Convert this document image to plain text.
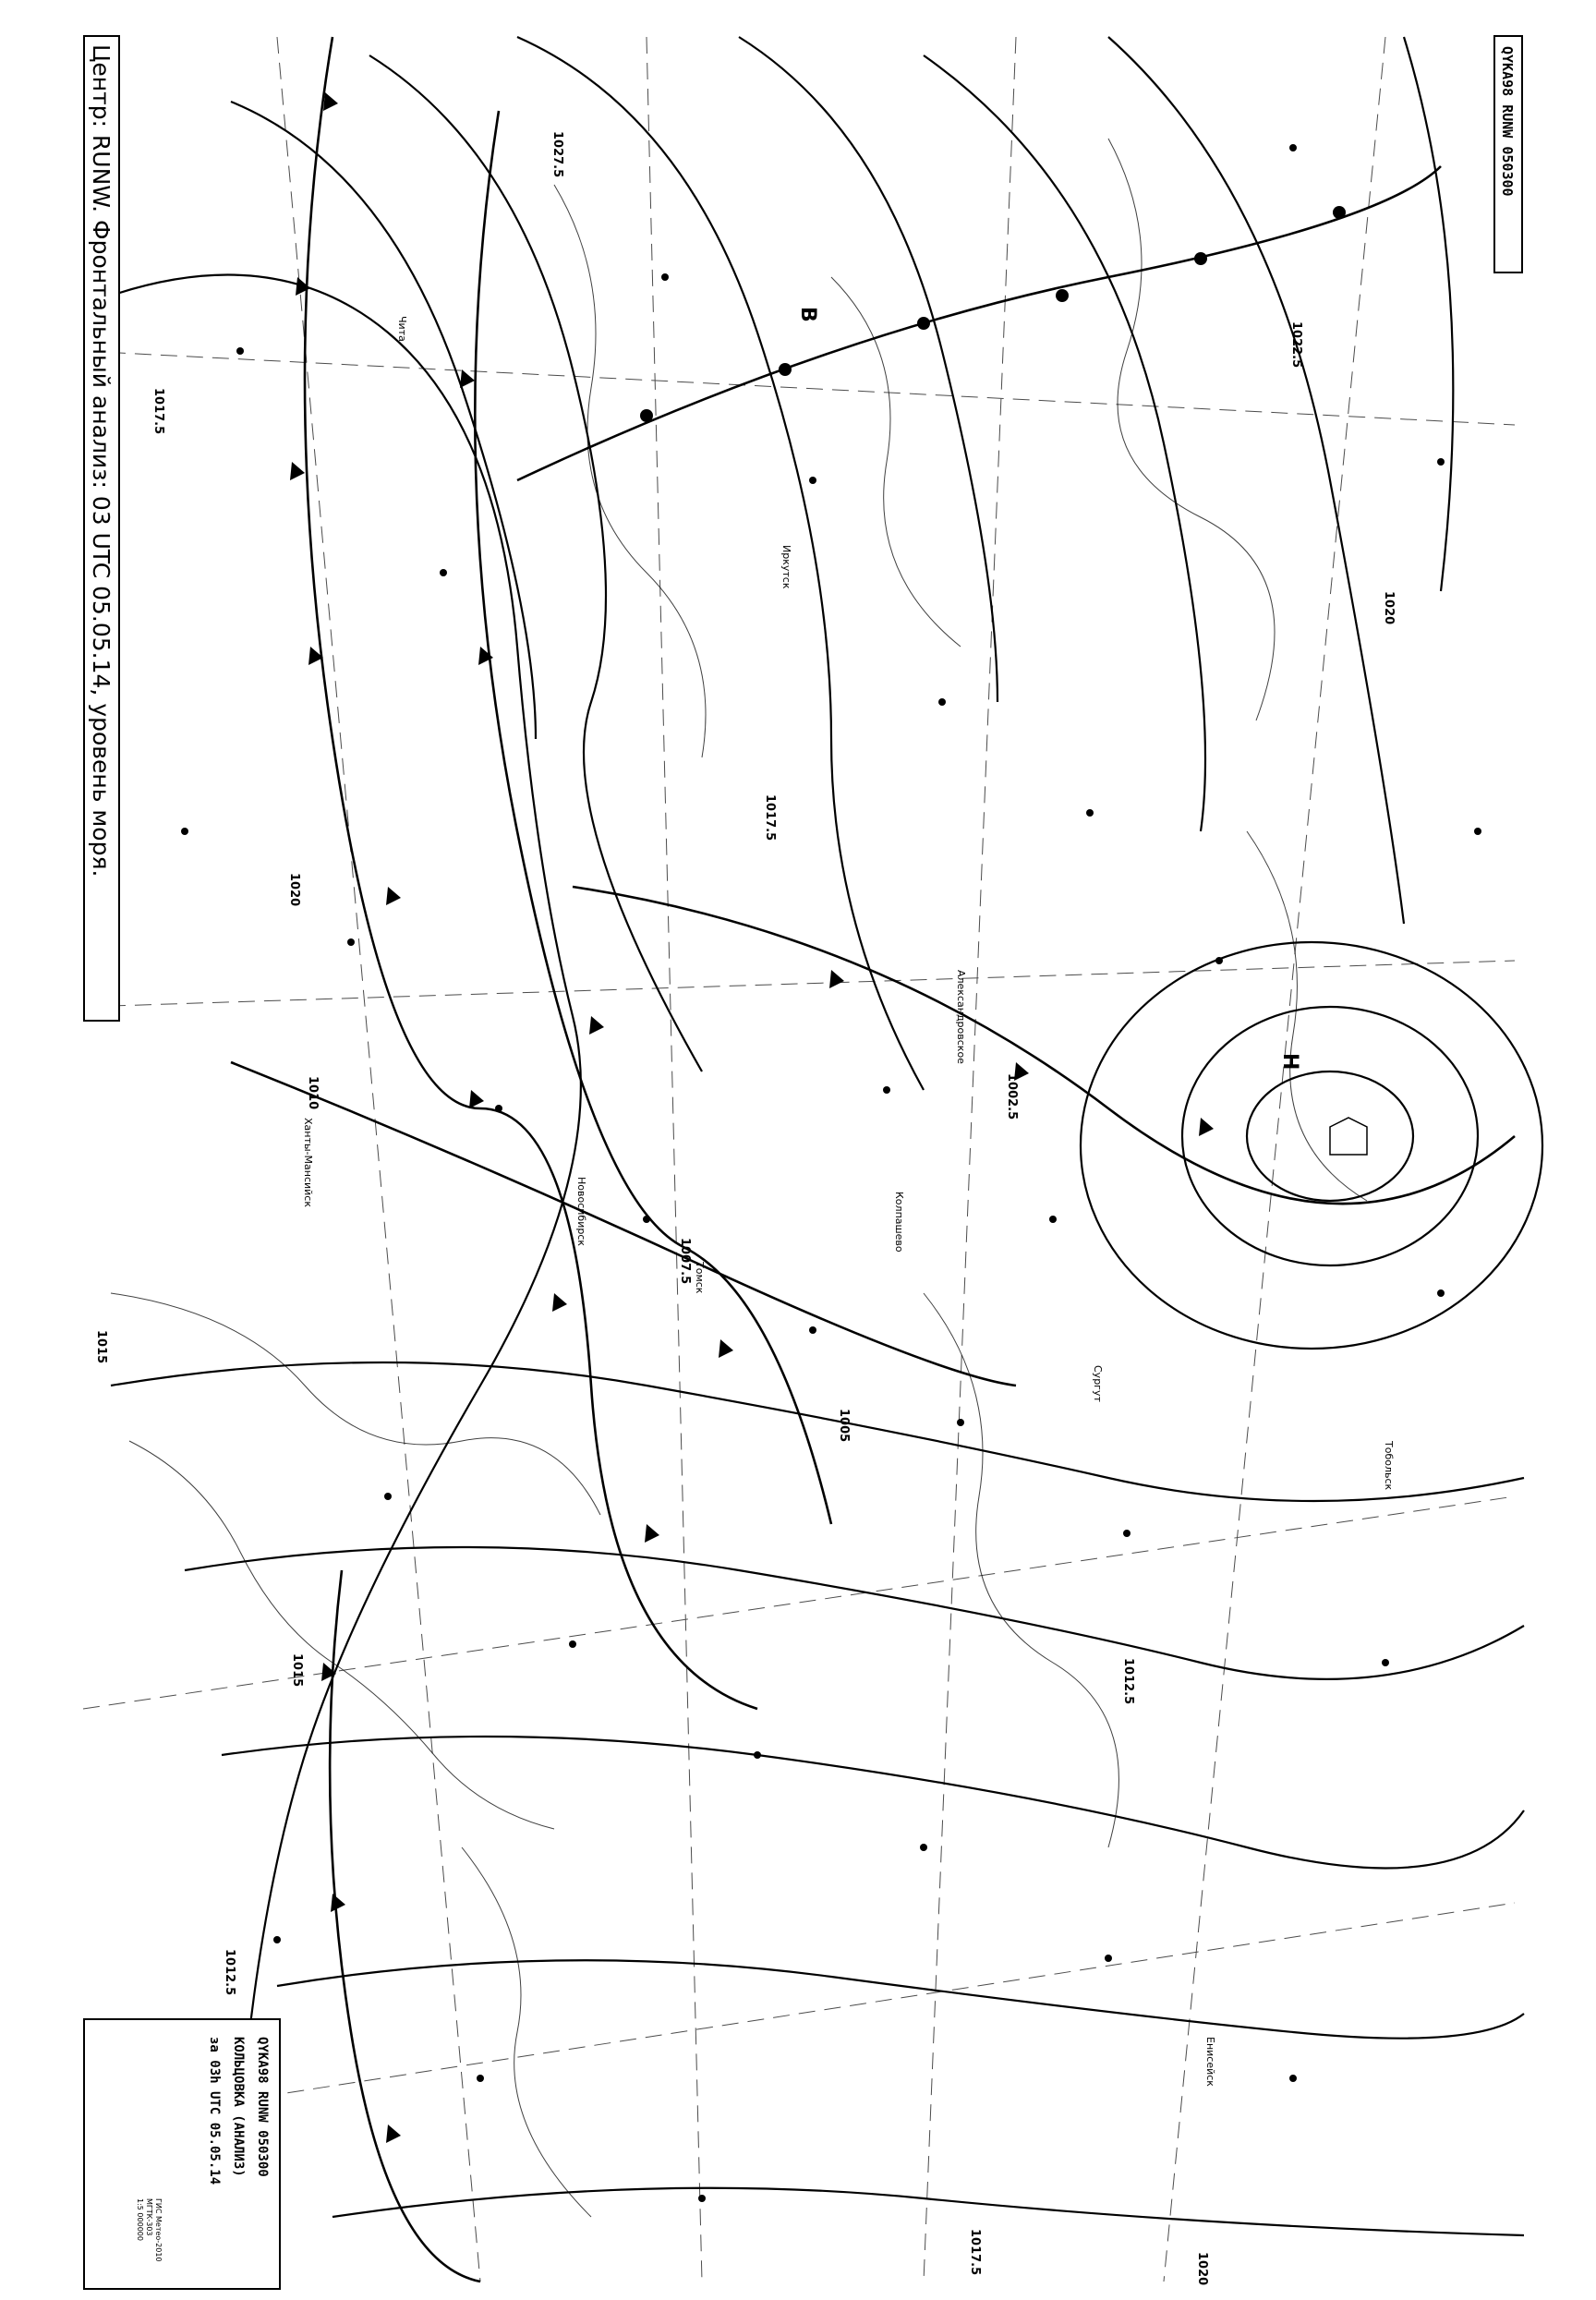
В
Н
1027.5
1022.5
1020
1017.5
1017.5
1015
1015
1012.5
1012.5
1010
1007.5
1005
1002.5
1020
1020
1017.5
Чита
Иркутск
Томск
Новосибирск
Александровское
Колпашево
Енисейск
Ханты-Мансийск
Сургут
Тобольск
Центр: RUNW. Фронтальный анализ: 03 UTC 05.05.14, уровень моря.	QYKA98 RUNW 050300
QYKA98 RUNW 050300
КОЛЬЦОВКА (АНАЛИЗ)
за 03h UTC 05.05.14
ГИС Метео-2010
МГТК-303
1:5 000000
